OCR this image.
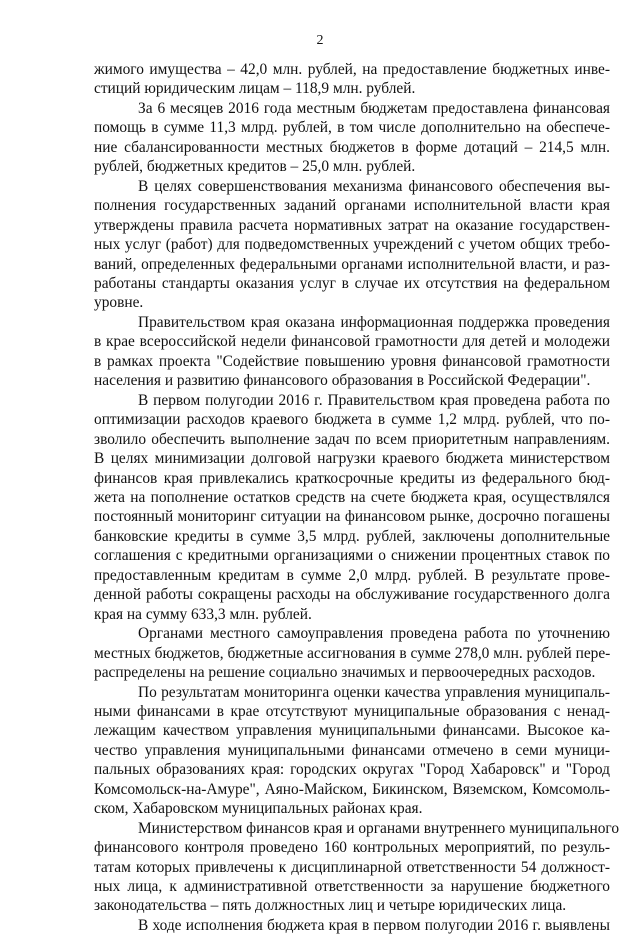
2
жимого имущества – 42,0 млн. рублей, на предоставление бюджетных инве-
стиций юридическим лицам – 118,9 млн. рублей.
За 6 месяцев 2016 года местным бюджетам предоставлена финансовая
помощь в сумме 11,3 млрд. рублей, в том числе дополнительно на обеспече-
ние сбалансированности местных бюджетов в форме дотаций – 214,5 млн.
рублей, бюджетных кредитов – 25,0 млн. рублей.
В целях совершенствования механизма финансового обеспечения вы-
полнения государственных заданий органами исполнительной власти края
утверждены правила расчета нормативных затрат на оказание государствен-
ных услуг (работ) для подведомственных учреждений с учетом общих требо-
ваний, определенных федеральными органами исполнительной власти, и раз-
работаны стандарты оказания услуг в случае их отсутствия на федеральном
уровне.
Правительством края оказана информационная поддержка проведения
в крае всероссийской недели финансовой грамотности для детей и молодежи
в рамках проекта "Содействие повышению уровня финансовой грамотности
населения и развитию финансового образования в Российской Федерации".
В первом полугодии 2016 г. Правительством края проведена работа по
оптимизации расходов краевого бюджета в сумме 1,2 млрд. рублей, что по-
зволило обеспечить выполнение задач по всем приоритетным направлениям.
В целях минимизации долговой нагрузки краевого бюджета министерством
финансов края привлекались краткосрочные кредиты из федерального бюд-
жета на пополнение остатков средств на счете бюджета края, осуществлялся
постоянный мониторинг ситуации на финансовом рынке, досрочно погашены
банковские кредиты в сумме 3,5 млрд. рублей, заключены дополнительные
соглашения с кредитными организациями о снижении процентных ставок по
предоставленным кредитам в сумме 2,0 млрд. рублей. В результате прове-
денной работы сокращены расходы на обслуживание государственного долга
края на сумму 633,3 млн. рублей.
Органами местного самоуправления проведена работа по уточнению
местных бюджетов, бюджетные ассигнования в сумме 278,0 млн. рублей пере-
распределены на решение социально значимых и первоочередных расходов.
По результатам мониторинга оценки качества управления муниципаль-
ными финансами в крае отсутствуют муниципальные образования с ненад-
лежащим качеством управления муниципальными финансами. Высокое ка-
чество управления муниципальными финансами отмечено в семи муници-
пальных образованиях края: городских округах "Город Хабаровск" и "Город
Комсомольск-на-Амуре", Аяно-Майском, Бикинском, Вяземском, Комсомоль-
ском, Хабаровском муниципальных районах края.
Министерством финансов края и органами внутреннего муниципального
финансового контроля проведено 160 контрольных мероприятий, по резуль-
татам которых привлечены к дисциплинарной ответственности 54 должност-
ных лица, к административной ответственности за нарушение бюджетного
законодательства – пять должностных лиц и четыре юридических лица.
В ходе исполнения бюджета края в первом полугодии 2016 г. выявлены
